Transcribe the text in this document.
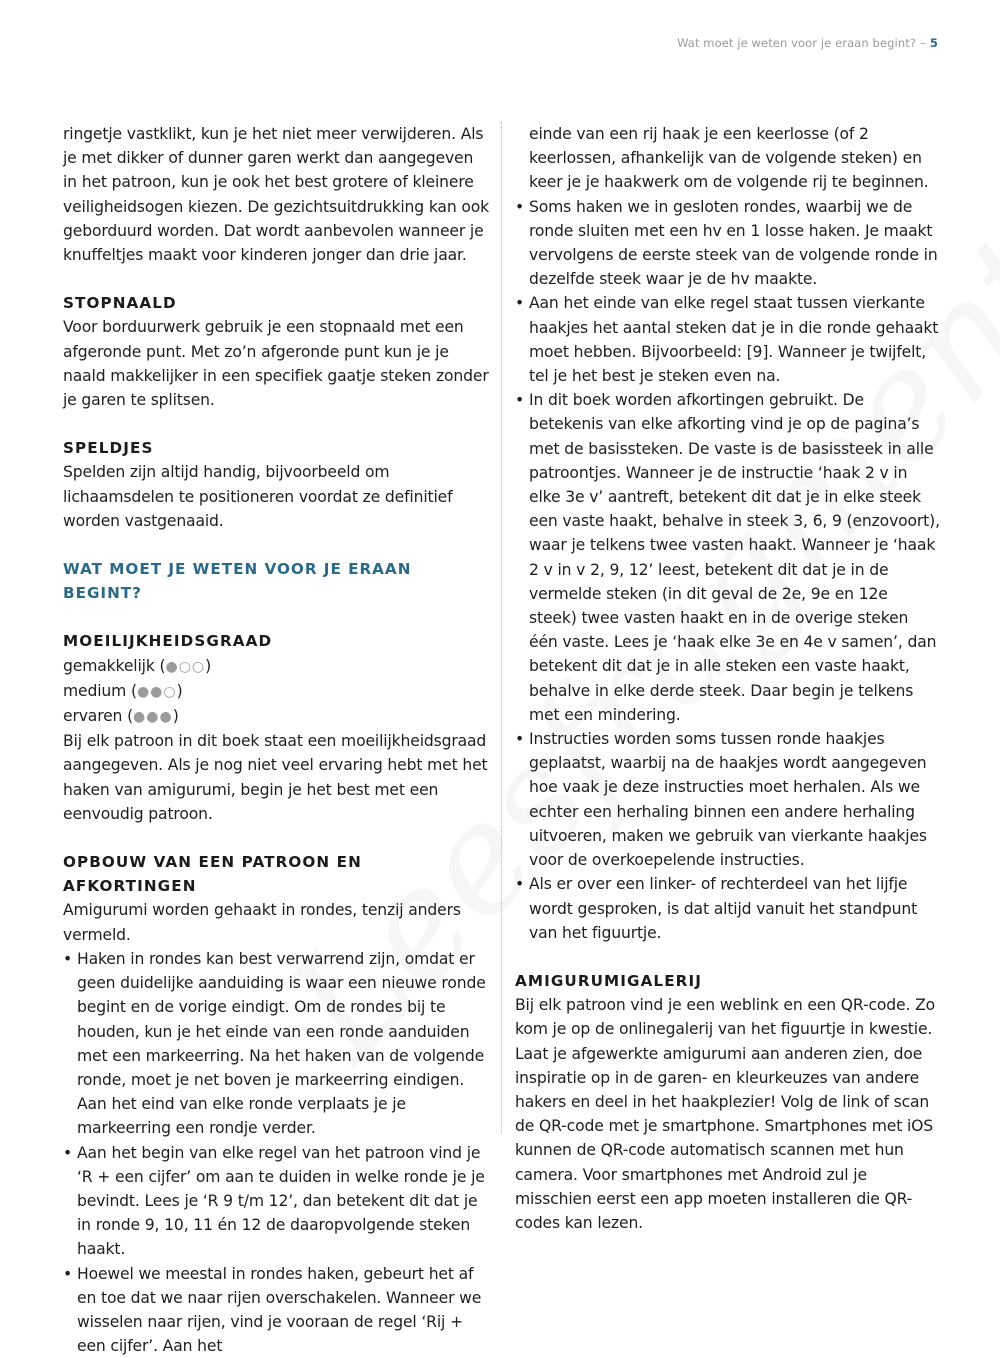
Wat moet je weten voor je eraan begint? – 5

ringetje vastklikt, kun je het niet meer verwijderen. Als je met dikker of dunner garen werkt dan aangegeven in het patroon, kun je ook het best grotere of kleinere veiligheidsogen kiezen. De gezichtsuitdrukking kan ook geborduurd worden. Dat wordt aanbevolen wanneer je knuffeltjes maakt voor kinderen jonger dan drie jaar.

STOPNAALD

Voor borduurwerk gebruik je een stopnaald met een afgeronde punt. Met zo’n afgeronde punt kun je je naald makkelijker in een specifiek gaatje steken zonder je garen te splitsen.

SPELDJES

Spelden zijn altijd handig, bijvoorbeeld om lichaamsdelen te positioneren voordat ze definitief worden vastgenaaid.

WAT MOET JE WETEN VOOR JE ERAAN BEGINT?
MOEILIJKHEIDSGRAAD
gemakkelijk (●○○)
medium (●●○)
ervaren (●●●)

Bij elk patroon in dit boek staat een moeilijkheidsgraad aangegeven. Als je nog niet veel ervaring hebt met het haken van amigurumi, begin je het best met een eenvoudig patroon.

OPBOUW VAN EEN PATROON EN AFKORTINGEN

Amigurumi worden gehaakt in rondes, tenzij anders vermeld.

• Haken in rondes kan best verwarrend zijn, omdat er geen duidelijke aanduiding is waar een nieuwe ronde begint en de vorige eindigt. Om de rondes bij te houden, kun je het einde van een ronde aanduiden met een markeerring. Na het haken van de volgende ronde, moet je net boven je markeerring eindigen. Aan het eind van elke ronde verplaats je je markeerring een rondje verder.
• Aan het begin van elke regel van het patroon vind je ‘R + een cijfer’ om aan te duiden in welke ronde je je bevindt. Lees je ‘R 9 t/m 12’, dan betekent dit dat je in ronde 9, 10, 11 én 12 de daaropvolgende steken haakt.
• Hoewel we meestal in rondes haken, gebeurt het af en toe dat we naar rijen overschakelen. Wanneer we wisselen naar rijen, vind je vooraan de regel ‘Rij + een cijfer’. Aan het

einde van een rij haak je een keerlosse (of 2 keerlossen, afhankelijk van de volgende steken) en keer je je haakwerk om de volgende rij te beginnen.

• Soms haken we in gesloten rondes, waarbij we de ronde sluiten met een hv en 1 losse haken. Je maakt vervolgens de eerste steek van de volgende ronde in dezelfde steek waar je de hv maakte.
• Aan het einde van elke regel staat tussen vierkante haakjes het aantal steken dat je in die ronde gehaakt moet hebben. Bijvoorbeeld: [9]. Wanneer je twijfelt, tel je het best je steken even na.
• In dit boek worden afkortingen gebruikt. De betekenis van elke afkorting vind je op de pagina’s met de basissteken. De vaste is de basissteek in alle patroontjes. Wanneer je de instructie ‘haak 2 v in elke 3e v’ aantreft, betekent dit dat je in elke steek een vaste haakt, behalve in steek 3, 6, 9 (enzovoort), waar je telkens twee vasten haakt. Wanneer je ‘haak 2 v in v 2, 9, 12’ leest, betekent dit dat je in de vermelde steken (in dit geval de 2e, 9e en 12e steek) twee vasten haakt en in de overige steken één vaste. Lees je ‘haak elke 3e en 4e v samen’, dan betekent dit dat je in alle steken een vaste haakt, behalve in elke derde steek. Daar begin je telkens met een mindering.
• Instructies worden soms tussen ronde haakjes geplaatst, waarbij na de haakjes wordt aangegeven hoe vaak je deze instructies moet herhalen. Als we echter een herhaling binnen een andere herhaling uitvoeren, maken we gebruik van vierkante haakjes voor de overkoepelende instructies.
• Als er over een linker- of rechterdeel van het lijfje wordt gesproken, is dat altijd vanuit het standpunt van het figuurtje.
AMIGURUMIGALERIJ

Bij elk patroon vind je een weblink en een QR-code. Zo kom je op de onlinegalerij van het figuurtje in kwestie. Laat je afgewerkte amigurumi aan anderen zien, doe inspiratie op in de garen- en kleurkeuzes van andere hakers en deel in het haakplezier! Volg de link of scan de QR-code met je smartphone. Smartphones met iOS kunnen de QR-code automatisch scannen met hun camera. Voor smartphones met Android zul je misschien eerst een app moeten installeren die QR-codes kan lezen.
